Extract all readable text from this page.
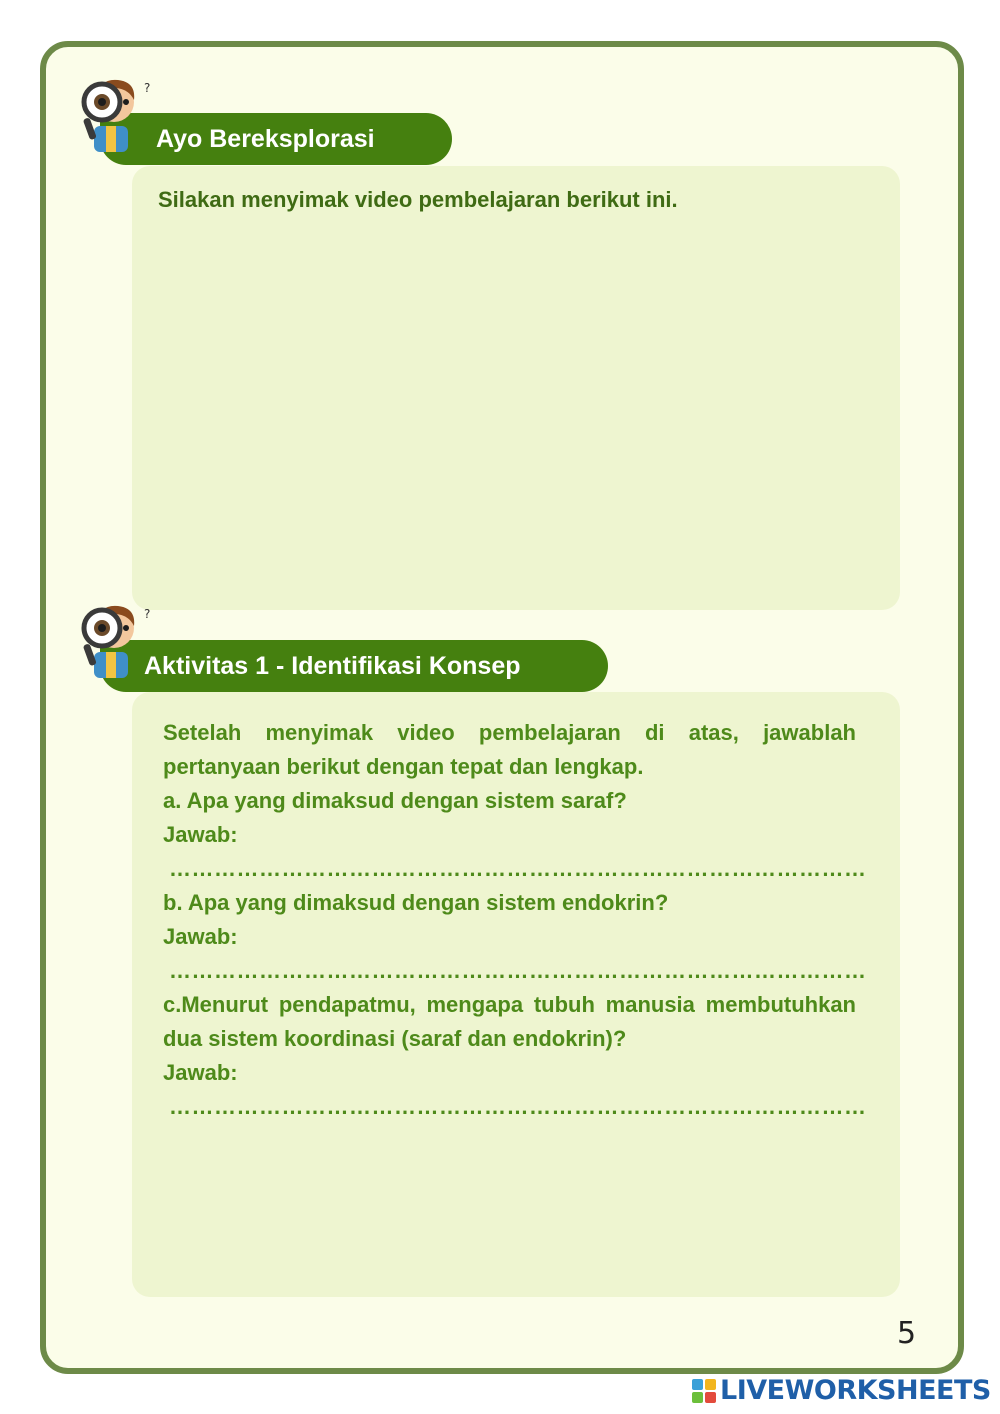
Ayo Bereksplorasi
?
Silakan menyimak video pembelajaran berikut ini.
Aktivitas 1 - Identifikasi Konsep
?

Setelah menyimak video pembelajaran di atas, jawablah pertanyaan berikut dengan tepat dan lengkap.

a. Apa yang dimaksud dengan sistem saraf?

Jawab:

…………………………………………………………………………………

b. Apa yang dimaksud dengan sistem endokrin?

Jawab:

…………………………………………………………………………………

c.Menurut pendapatmu, mengapa tubuh manusia membutuhkan dua sistem koordinasi (saraf dan endokrin)?

Jawab:

…………………………………………………………………………………

5
LIVEWORKSHEETS
